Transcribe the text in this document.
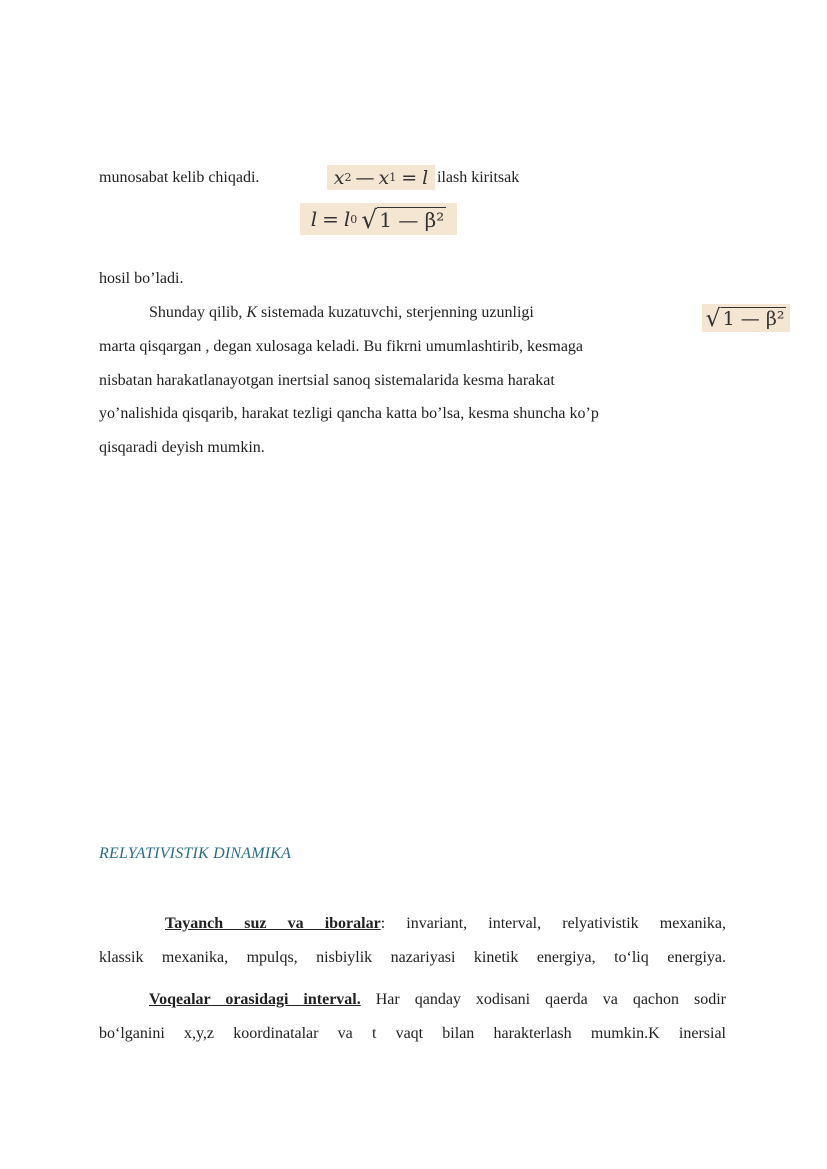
munosabat kelib chiqadi.	x 2 — x 1 = l ilash kiritsak
l = l 0 √ 1 — β²
hosil bo’ladi.
Shunday qilib, K sistemada kuzatuvchi, sterjenning uzunligi	√ 1 — β²
marta qisqargan , degan xulosaga keladi. Bu fikrni umumlashtirib, kesmaga
nisbatan harakatlanayotgan inertsial sanoq sistemalarida kesma harakat
yo’nalishida qisqarib, harakat tezligi qancha katta bo’lsa, kesma shuncha ko’p
qisqaradi deyish mumkin.
RELYATIVISTIK DINAMIKA
Tayanch suz va iboralar: invariant, interval, relyativistik mexanika,
klassik mexanika, mpulqs, nisbiylik nazariyasi kinetik energiya, to‘liq energiya.
Voqealar orasidagi interval. Har qanday xodisani qaerda va qachon sodir
bo‘lganini x,y,z koordinatalar va t vaqt bilan harakterlash mumkin.K inersial
